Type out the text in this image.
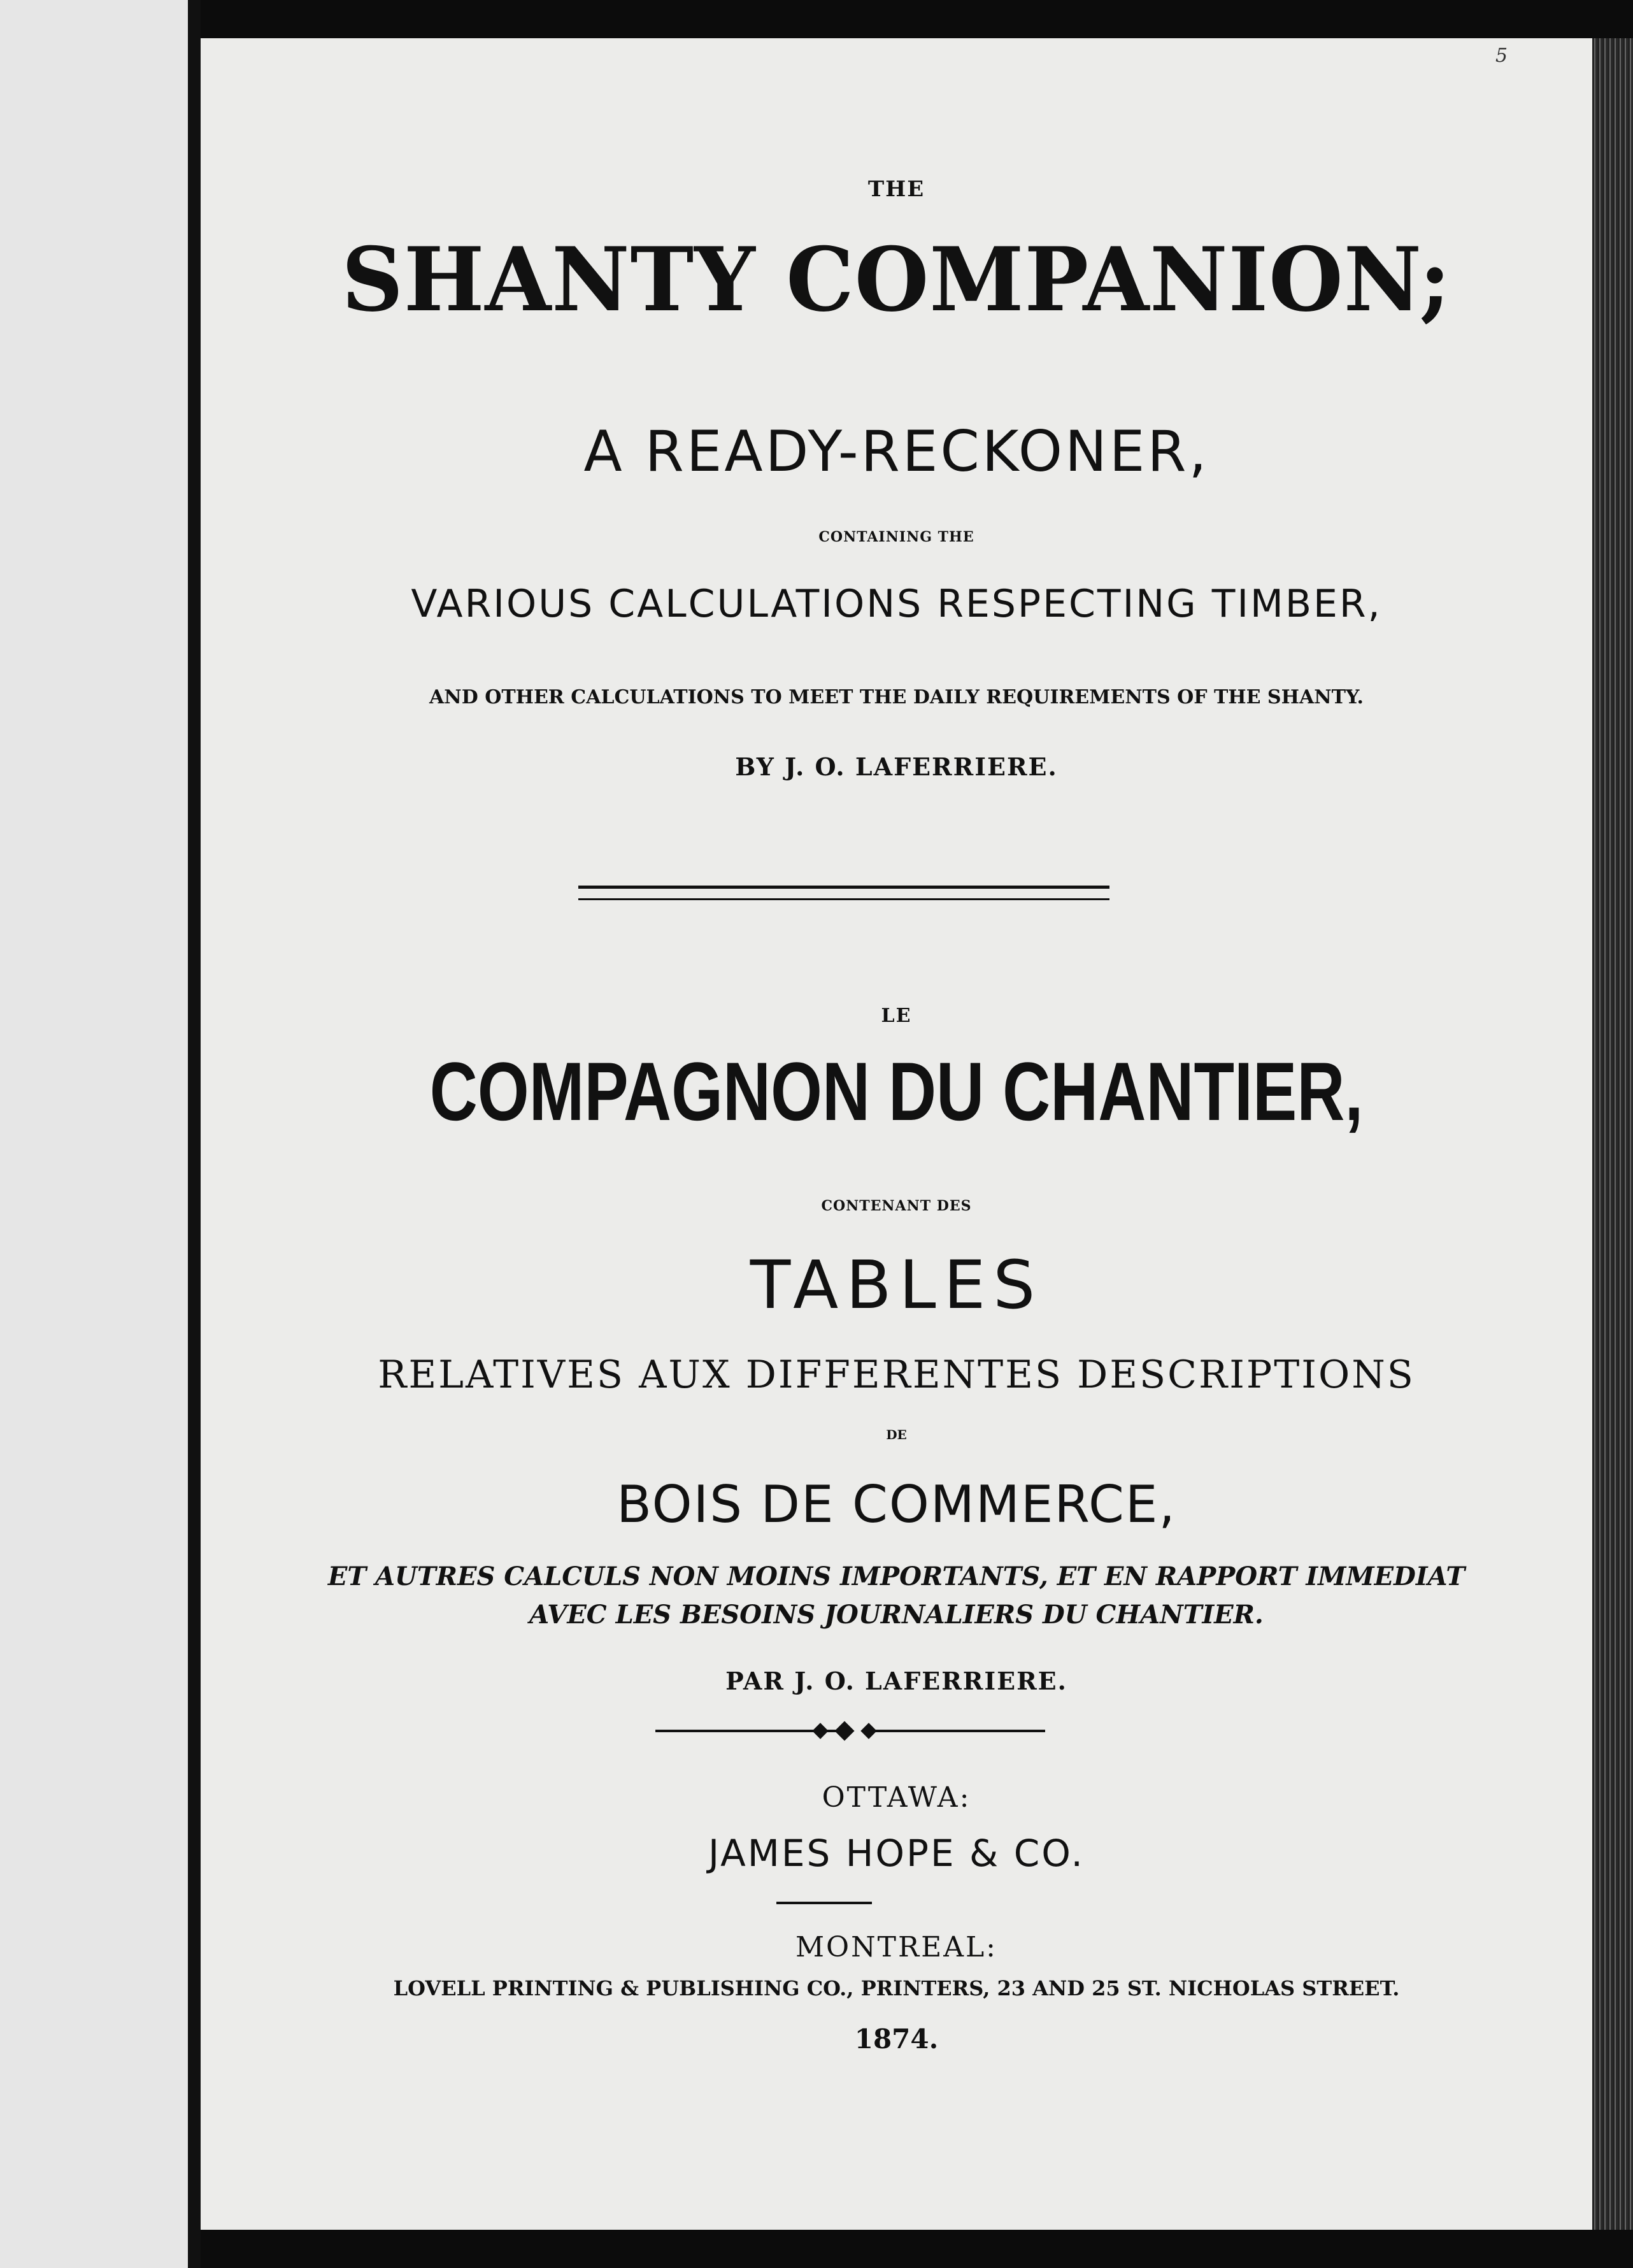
5
THE
SHANTY COMPANION;
A READY-RECKONER,
CONTAINING THE
VARIOUS CALCULATIONS RESPECTING TIMBER,
AND OTHER CALCULATIONS TO MEET THE DAILY REQUIREMENTS OF THE SHANTY.
BY J. O. LAFERRIERE.
LE
COMPAGNON DU CHANTIER,
CONTENANT DES
TABLES
RELATIVES AUX DIFFERENTES DESCRIPTIONS
DE
BOIS DE COMMERCE,
ET AUTRES CALCULS NON MOINS IMPORTANTS, ET EN RAPPORT IMMEDIAT
AVEC LES BESOINS JOURNALIERS DU CHANTIER.
PAR J. O. LAFERRIERE.
OTTAWA:
JAMES HOPE & CO.
MONTREAL:
LOVELL PRINTING & PUBLISHING CO., PRINTERS, 23 AND 25 ST. NICHOLAS STREET.
1874.
